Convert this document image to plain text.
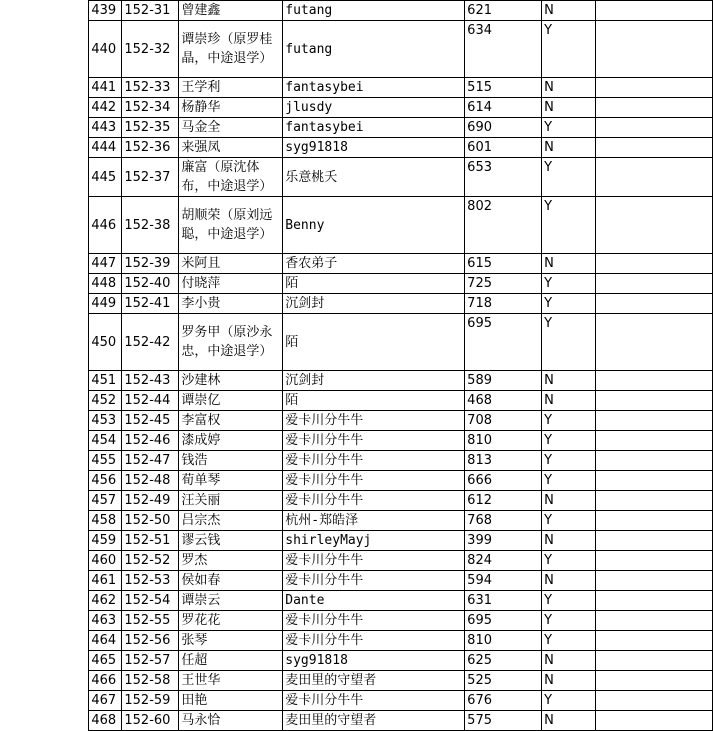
	439	152-31	曾建鑫	futang	621	N	
	440	152-32	谭崇珍（原罗桂晶，中途退学）	futang	634	Y	
	441	152-33	王学利	fantasybei	515	N	
	442	152-34	杨静华	jlusdy	614	N	
	443	152-35	马金全	fantasybei	690	Y	
	444	152-36	来强凤	syg91818	601	N	
	445	152-37	廉富（原沈体布，中途退学）	乐意桃夭	653	Y	
	446	152-38	胡顺荣（原刘远聪，中途退学）	Benny	802	Y	
	447	152-39	米阿且	香农弟子	615	N	
	448	152-40	付晓萍	陌	725	Y	
	449	152-41	李小贵	沉剑封	718	Y	
	450	152-42	罗务甲（原沙永忠，中途退学）	陌	695	Y	
	451	152-43	沙建林	沉剑封	589	N	
	452	152-44	谭崇亿	陌	468	N	
	453	152-45	李富权	爱卡川分牛牛	708	Y	
	454	152-46	漆成婷	爱卡川分牛牛	810	Y	
	455	152-47	钱浩	爱卡川分牛牛	813	Y	
	456	152-48	荀单琴	爱卡川分牛牛	666	Y	
	457	152-49	汪关丽	爱卡川分牛牛	612	N	
	458	152-50	吕宗杰	杭州-郑皓泽	768	Y	
	459	152-51	谬云钱	shirleyMayj	399	N	
	460	152-52	罗杰	爱卡川分牛牛	824	Y	
	461	152-53	侯如春	爱卡川分牛牛	594	N	
	462	152-54	谭崇云	Dante	631	Y	
	463	152-55	罗花花	爱卡川分牛牛	695	Y	
	464	152-56	张琴	爱卡川分牛牛	810	Y	
	465	152-57	任超	syg91818	625	N	
	466	152-58	王世华	麦田里的守望者	525	N	
	467	152-59	田艳	爱卡川分牛牛	676	Y	
	468	152-60	马永恰	麦田里的守望者	575	N	
